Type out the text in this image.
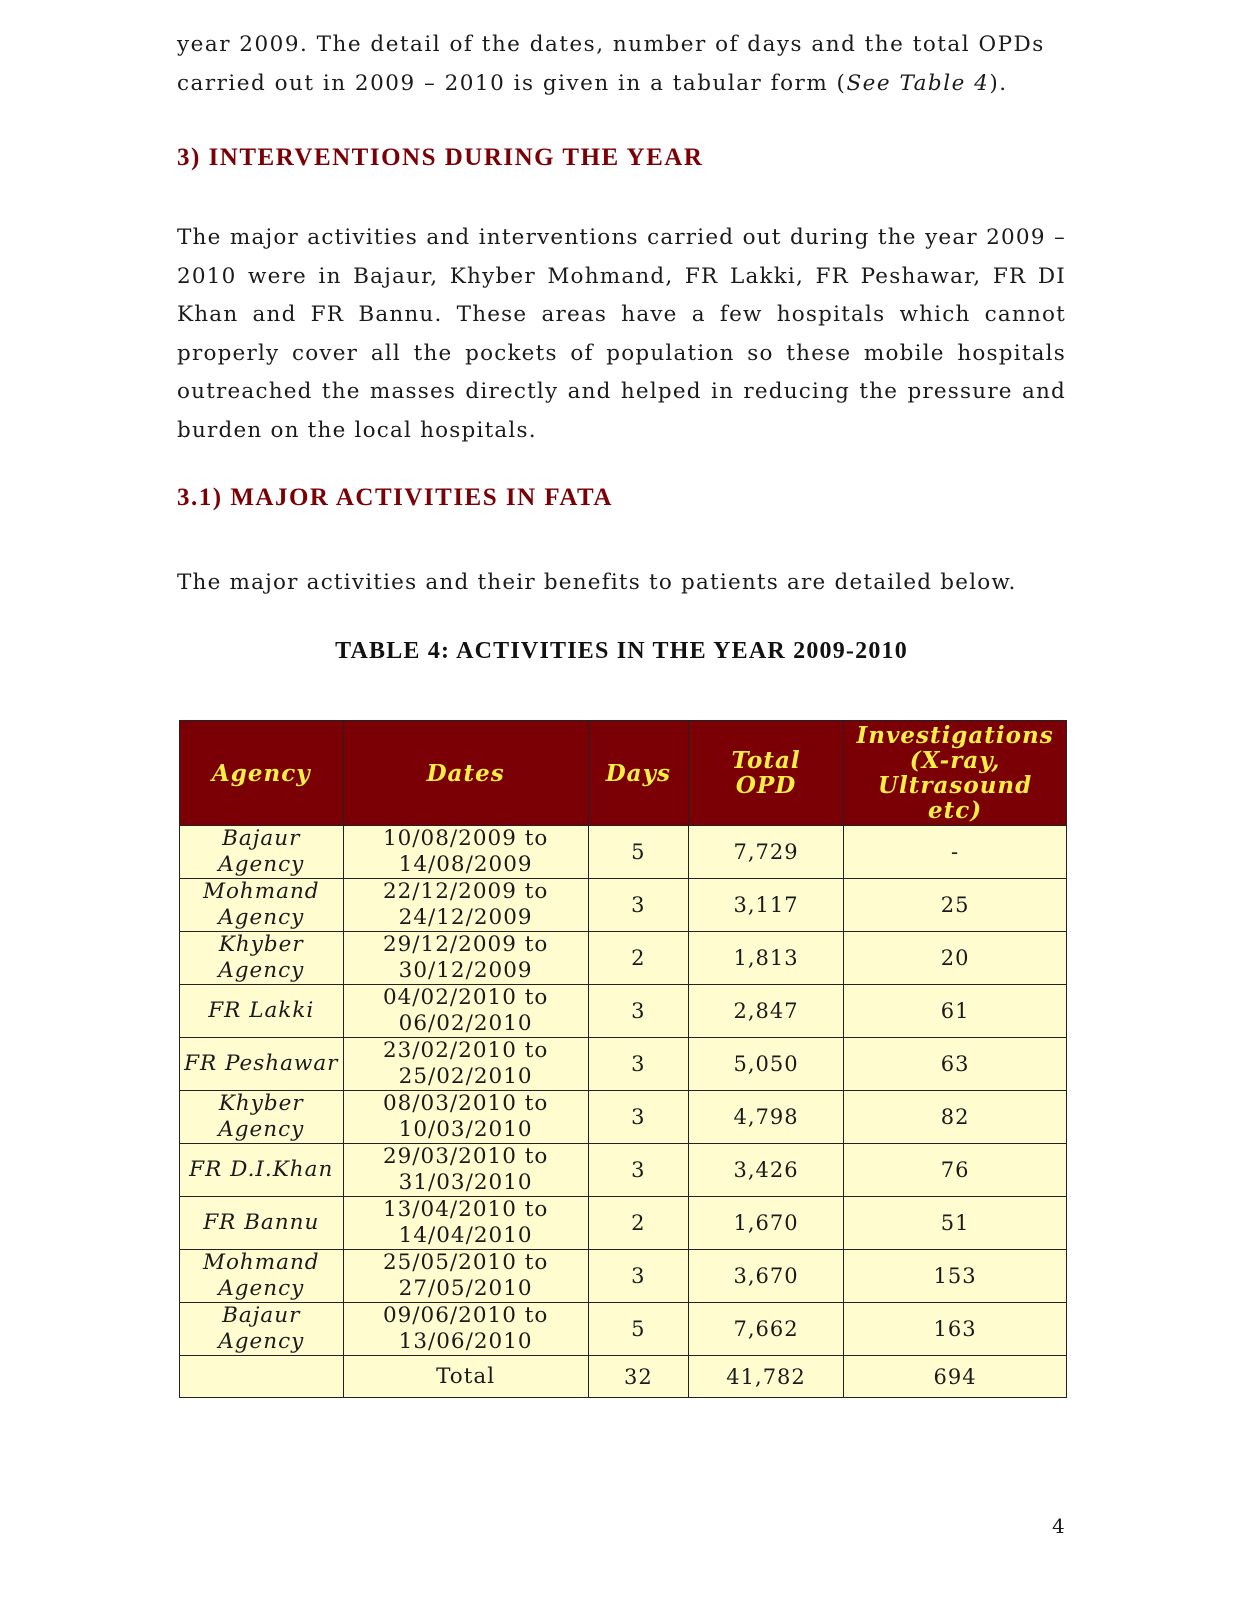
year 2009. The detail of the dates, number of days and the total OPDs
carried out in 2009 – 2010 is given in a tabular form (See Table 4).

3) INTERVENTIONS DURING THE YEAR

The major activities and interventions carried out during the year 2009 – 2010 were in Bajaur, Khyber Mohmand, FR Lakki, FR Peshawar, FR DI Khan and FR Bannu. These areas have a few hospitals which cannot properly cover all the pockets of population so these mobile hospitals outreached the masses directly and helped in reducing the pressure and burden on the local hospitals.

3.1) MAJOR ACTIVITIES IN FATA

The major activities and their benefits to patients are detailed below.

TABLE 4: ACTIVITIES IN THE YEAR 2009-2010
Agency	Dates	Days	Total OPD	Investigations (X-ray, Ultrasound etc)
Bajaur Agency	10/08/2009 to 14/08/2009	5	7,729	-
Mohmand Agency	22/12/2009 to 24/12/2009	3	3,117	25
Khyber Agency	29/12/2009 to 30/12/2009	2	1,813	20
FR Lakki	04/02/2010 to 06/02/2010	3	2,847	61
FR Peshawar	23/02/2010 to 25/02/2010	3	5,050	63
Khyber Agency	08/03/2010 to 10/03/2010	3	4,798	82
FR D.I.Khan	29/03/2010 to 31/03/2010	3	3,426	76
FR Bannu	13/04/2010 to 14/04/2010	2	1,670	51
Mohmand Agency	25/05/2010 to 27/05/2010	3	3,670	153
Bajaur Agency	09/06/2010 to 13/06/2010	5	7,662	163
	Total	32	41,782	694
4
